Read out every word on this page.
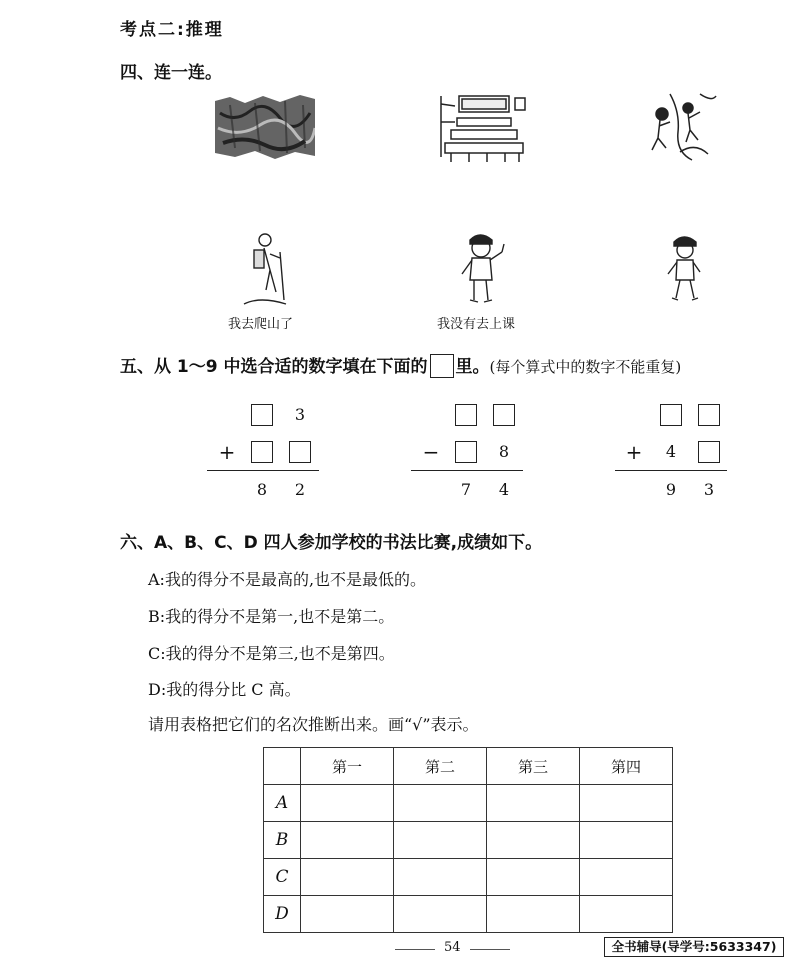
考点二:推理
四、连一连。
我去爬山了	我没有去上课
五、从 1～9 中选合适的数字填在下面的 里。(每个算式中的数字不能重复)
3
+
8	2
−	8
7	4
+	4
9	3
六、A、B、C、D 四人参加学校的书法比赛,成绩如下。
A:我的得分不是最高的,也不是最低的。
B:我的得分不是第一,也不是第二。
C:我的得分不是第三,也不是第四。
D:我的得分比 C 高。
请用表格把它们的名次推断出来。画“√”表示。
	第一	第二	第三	第四
A				
B				
C				
D				
54	全书辅导(导学号:5633347)
